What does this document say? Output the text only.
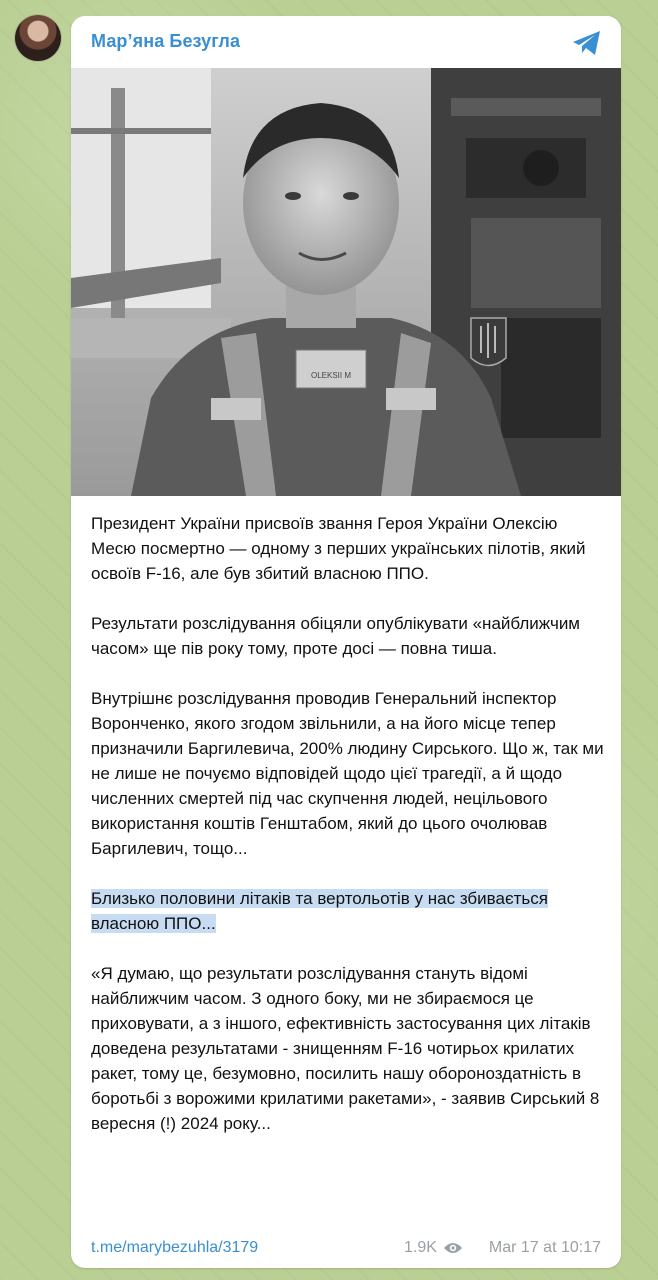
Мар’яна Безугла
OLEKSII M

Президент України присвоїв звання Героя України Олексію Месю посмертно — одному з перших українських пілотів, який освоїв F-16, але був збитий власною ППО.

Результати розслідування обіцяли опублікувати «найближчим часом» ще пів року тому, проте досі — повна тиша.

Внутрішнє розслідування проводив Генеральний інспектор Воронченко, якого згодом звільнили, а на його місце тепер призначили Баргилевича, 200% людину Сирського. Що ж, так ми не лише не почуємо відповідей щодо цієї трагедії, а й щодо численних смертей під час скупчення людей, нецільового використання коштів Генштабом, який до цього очолював Баргилевич, тощо...

Близько половини літаків та вертольотів у нас збивається власною ППО...

«Я думаю, що результати розслідування стануть відомі найближчим часом. З одного боку, ми не збираємося це приховувати, а з іншого, ефективність застосування цих літаків доведена результатами - знищенням F-16 чотирьох крилатих ракет, тому це, безумовно, посилить нашу обороноздатність в боротьбі з ворожими крилатими ракетами», - заявив Сирський 8 вересня (!) 2024 року...

t.me/marybezuhla/3179	1.9K	Mar 17 at 10:17
